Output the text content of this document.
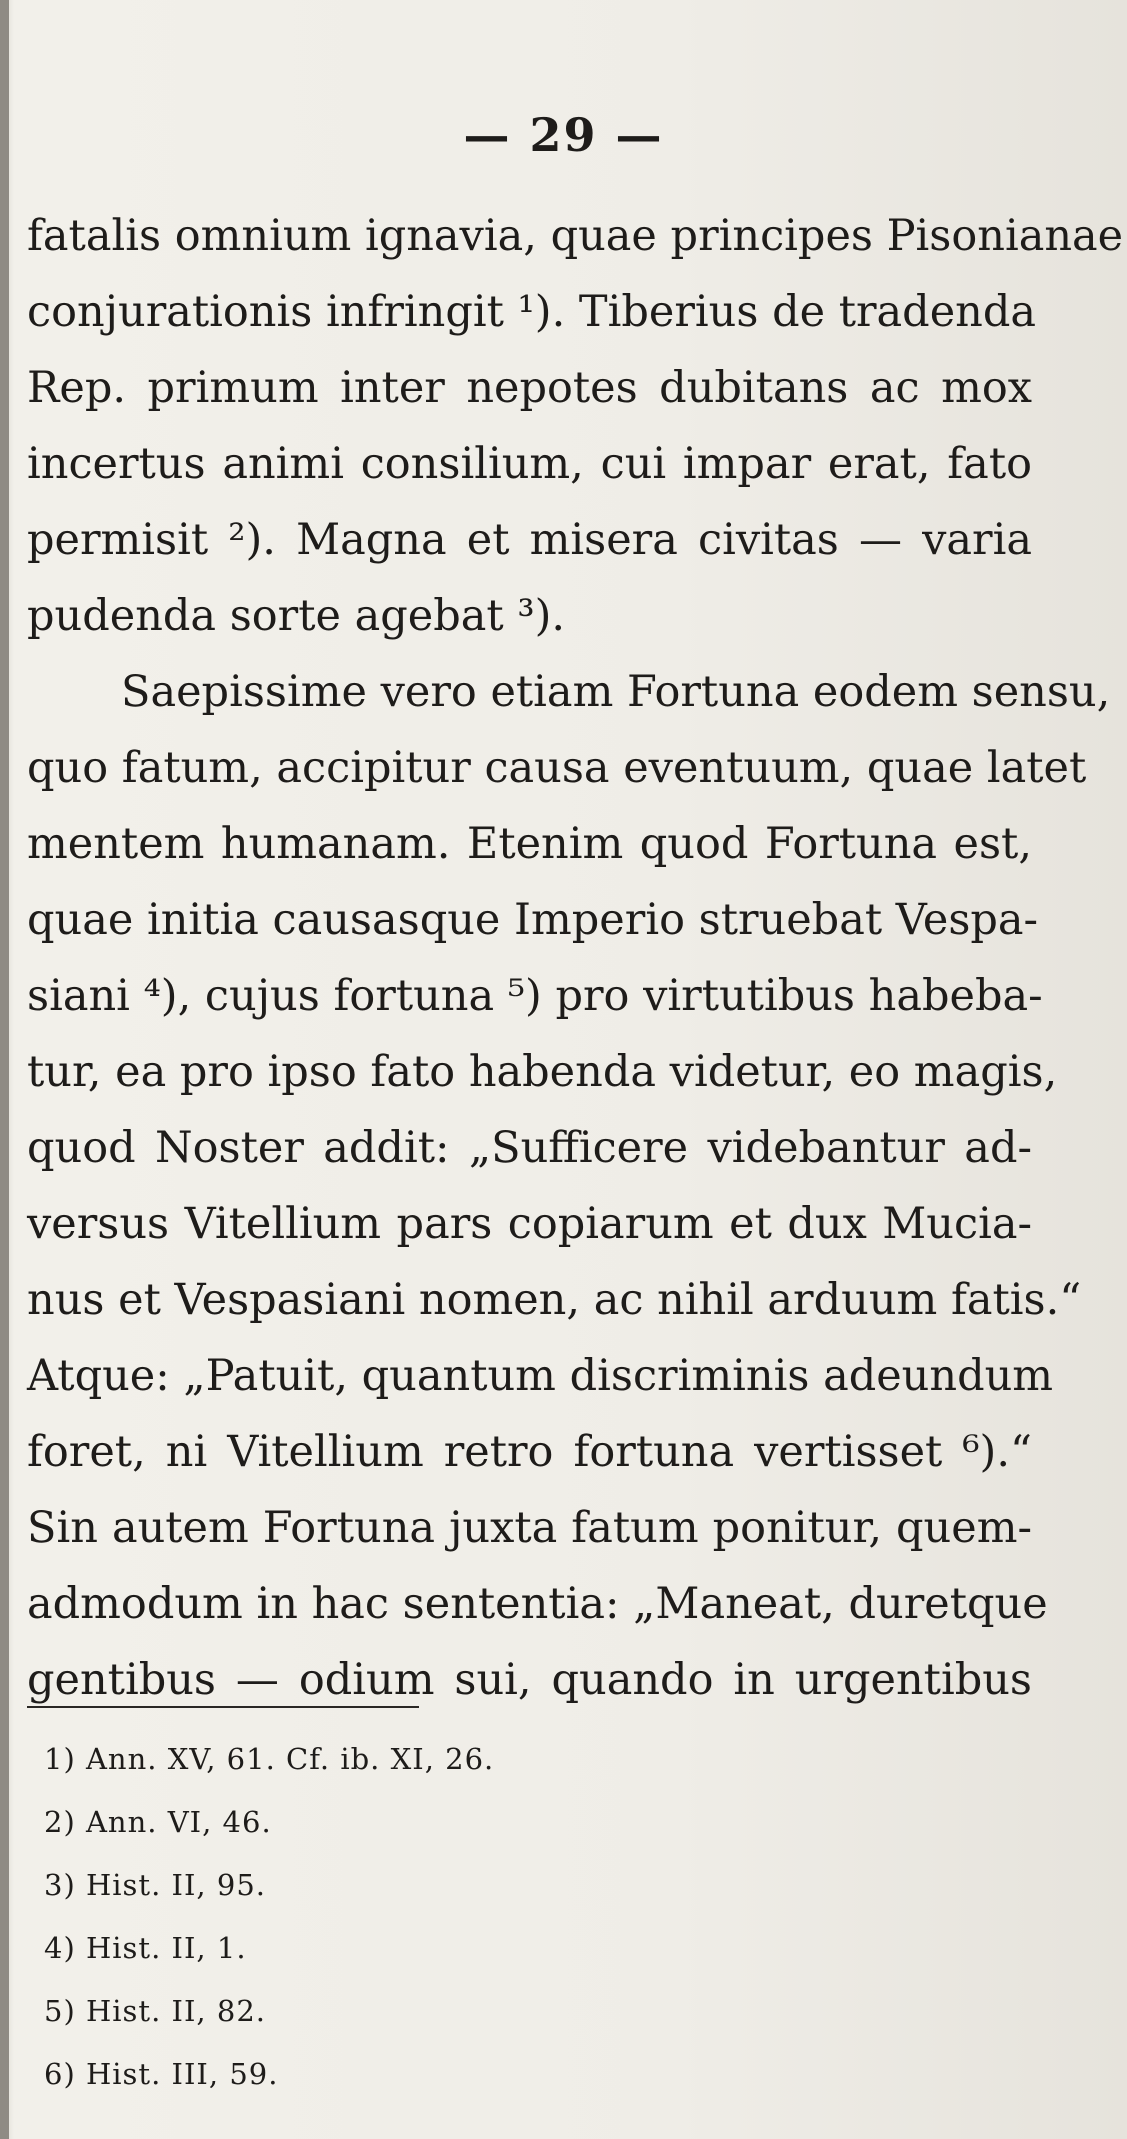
— 29 —
fatalis omnium ignavia, quae principes Pisonianae
conjurationis infringit ¹). Tiberius de tradenda
Rep. primum inter nepotes dubitans ac mox
incertus animi consilium, cui impar erat, fato
permisit ²). Magna et misera civitas — varia
pudenda sorte agebat ³).
Saepissime vero etiam Fortuna eodem sensu,
quo fatum, accipitur causa eventuum, quae latet
mentem humanam. Etenim quod Fortuna est,
quae initia causasque Imperio struebat Vespa-
siani ⁴), cujus fortuna ⁵) pro virtutibus habeba-
tur, ea pro ipso fato habenda videtur, eo magis,
quod Noster addit: „Sufficere videbantur ad-
versus Vitellium pars copiarum et dux Mucia-
nus et Vespasiani nomen, ac nihil arduum fatis.“
Atque: „Patuit, quantum discriminis adeundum
foret, ni Vitellium retro fortuna vertisset ⁶).“
Sin autem Fortuna juxta fatum ponitur, quem-
admodum in hac sententia: „Maneat, duretque
gentibus — odium sui, quando in urgentibus
1) Ann. XV, 61. Cf. ib. XI, 26.
2) Ann. VI, 46.
3) Hist. II, 95.
4) Hist. II, 1.
5) Hist. II, 82.
6) Hist. III, 59.
